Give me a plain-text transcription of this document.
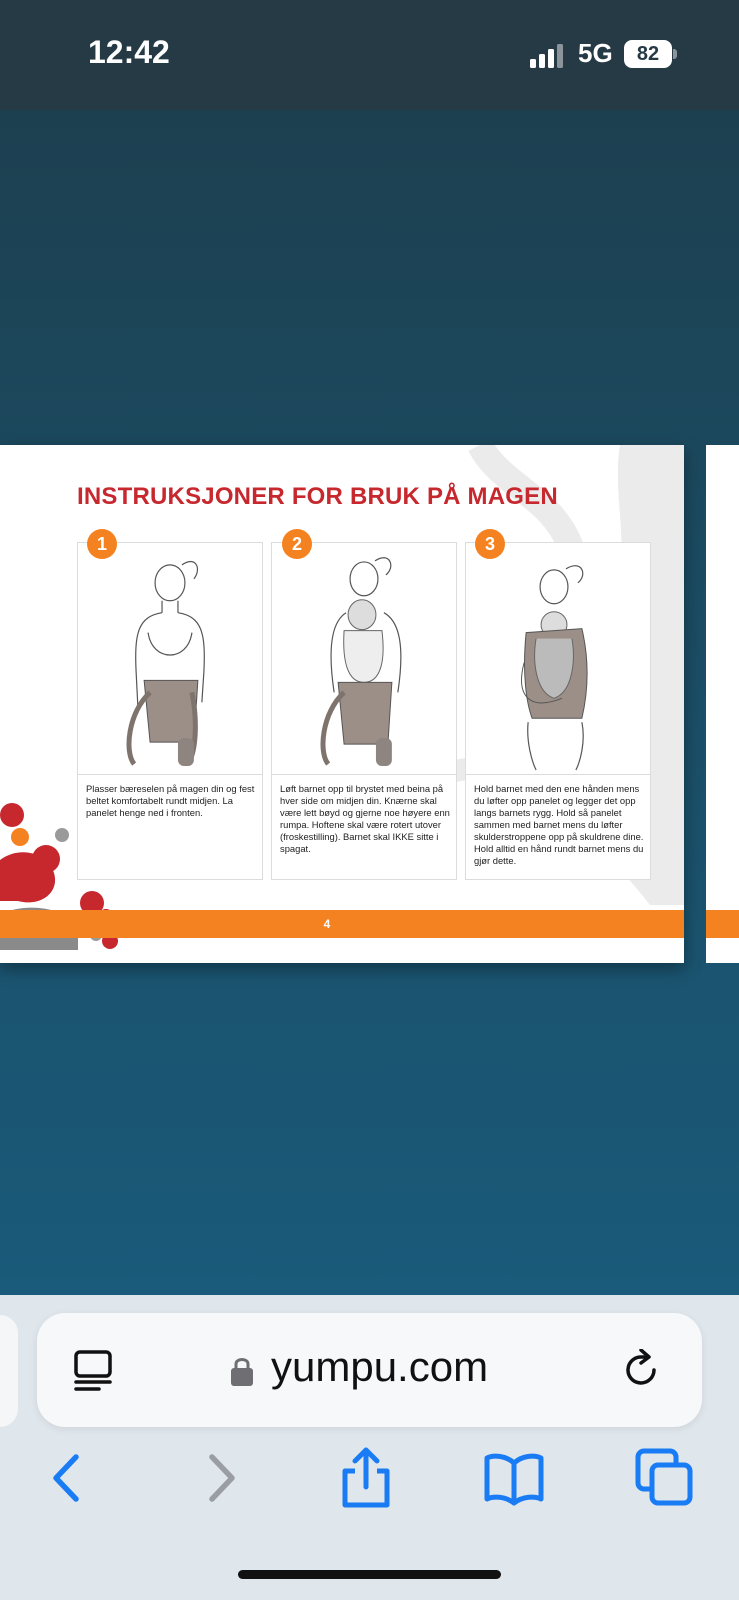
12:42	5G	82
INSTRUKSJONER FOR BRUK PÅ MAGEN
1	2	3
Plasser bæreselen på magen din og fest beltet komfortabelt rundt midjen. La panelet henge ned i fronten.
Løft barnet opp til brystet med beina på hver side om midjen din. Knærne skal være lett bøyd og gjerne noe høyere enn rumpa. Hoftene skal være rotert utover (froskestilling). Barnet skal IKKE sitte i spagat.
Hold barnet med den ene hånden mens du løfter opp panelet og legger det opp langs barnets rygg. Hold så panelet sammen med barnet mens du løfter skulderstroppene opp på skuldrene dine. Hold alltid en hånd rundt barnet mens du gjør dette.
4
yumpu.com
